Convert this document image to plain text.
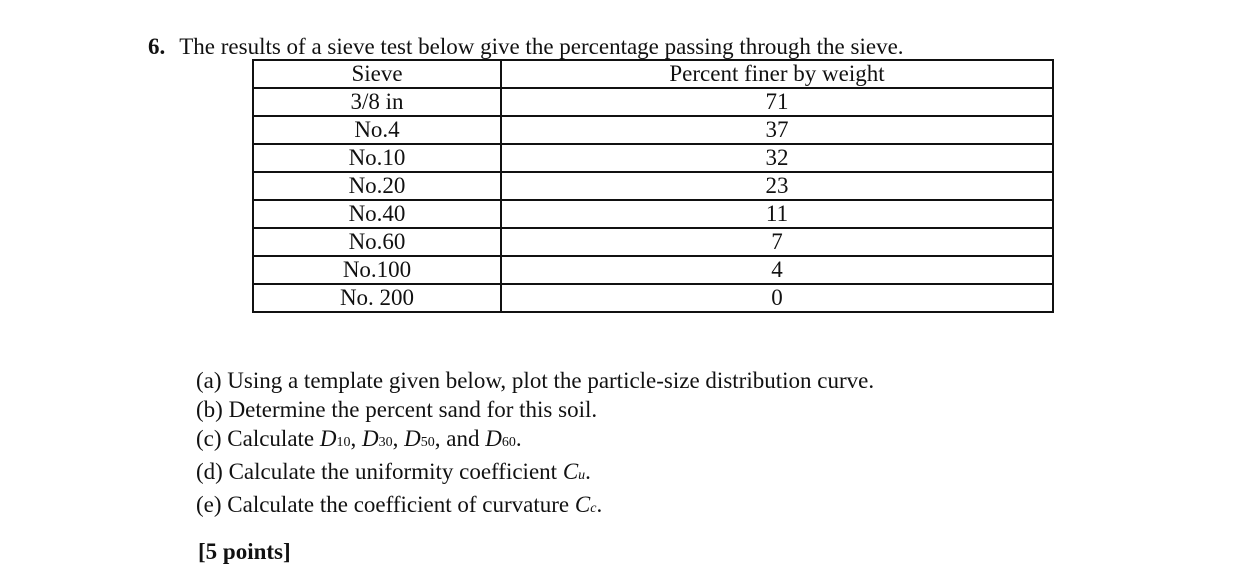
6. The results of a sieve test below give the percentage passing through the sieve.
Sieve	Percent finer by weight
3/8 in	71
No.4	37
No.10	32
No.20	23
No.40	11
No.60	7
No.100	4
No. 200	0
(a) Using a template given below, plot the particle-size distribution curve.
(b) Determine the percent sand for this soil.
(c) Calculate D10, D30, D50, and D60.
(d) Calculate the uniformity coefficient Cu.
(e) Calculate the coefficient of curvature Cc.
[5 points]
